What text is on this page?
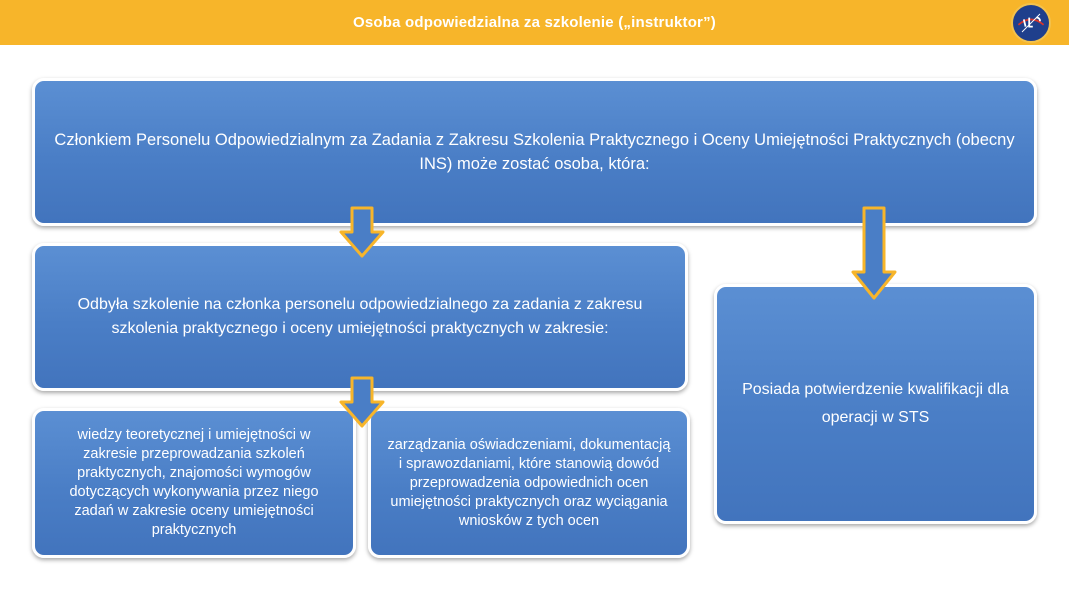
Osoba odpowiedzialna za szkolenie („instruktor”)
Członkiem Personelu Odpowiedzialnym za Zadania z Zakresu Szkolenia Praktycznego i Oceny Umiejętności Praktycznych (obecny INS) może zostać osoba, która:
Odbyła szkolenie na członka personelu odpowiedzialnego za zadania z zakresu szkolenia praktycznego i oceny umiejętności praktycznych w zakresie:
Posiada potwierdzenie kwalifikacji dla operacji w STS
wiedzy teoretycznej i umiejętności w zakresie przeprowadzania szkoleń praktycznych, znajomości wymogów dotyczących wykonywania przez niego zadań w zakresie oceny umiejętności praktycznych
zarządzania oświadczeniami, dokumentacją i sprawozdaniami, które stanowią dowód przeprowadzenia odpowiednich ocen umiejętności praktycznych oraz wyciągania wniosków z tych ocen
